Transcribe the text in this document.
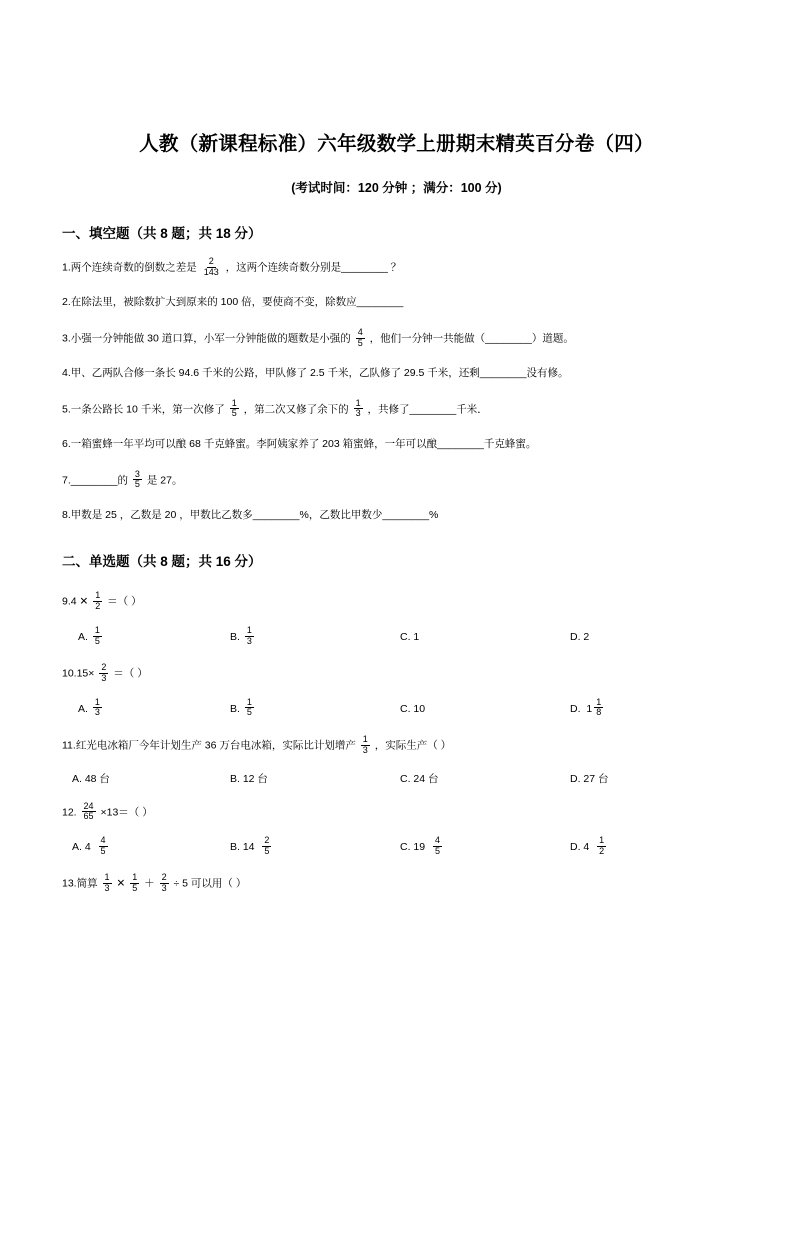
人教（新课程标准）六年级数学上册期末精英百分卷（四）
(考试时间：120 分钟 ；满分：100 分)
一、填空题（共 8 题；共 18 分）
1.两个连续奇数的倒数之差是 $\frac{2}{143}$ ，这两个连续奇数分别是________ ？
2.在除法里，被除数扩大到原来的 100 倍，要使商不变，除数应________
3.小强一分钟能做 30 道口算，小军一分钟能做的题数是小强的 $\frac{4}{5}$ ，他们一分钟一共能做（________）道题。
4.甲、乙两队合修一条长 94.6 千米的公路，甲队修了 2.5 千米，乙队修了 29.5 千米，还剩________没有修。
5.一条公路长 10 千米，第一次修了 $\frac{1}{5}$ ，第二次又修了余下的 $\frac{1}{3}$ ，共修了________千米．
6.一箱蜜蜂一年平均可以酿 68 千克蜂蜜。李阿姨家养了 203 箱蜜蜂，一年可以酿________千克蜂蜜。
7.________的 $\frac{3}{5}$ 是 27。
8.甲数是 25 ，乙数是 20 ，甲数比乙数多________%，乙数比甲数少________%
二、单选题（共 8 题；共 16 分）
9.4 ✕ $\frac{1}{2}$ ＝（ ）
A.
$\frac{1}{5}$	B.
$\frac{1}{3}$	C. 1	D. 2
$10.15\times \frac{2}{3}$ ＝（ ）
A.
$\frac{1}{3}$	B.
$\frac{1}{5}$	C. 10	D.
$1 \frac{1}{8}$
11.红光电冰箱厂今年计划生产 36 万台电冰箱，实际比计划增产 $\frac{1}{3}$ ，实际生产（ ）
A. 48 台	B. 12 台	C. 24 台	D. 27 台
12. $\frac{24}{65} \times 13=$（ ）
A. 4
$\frac{4}{5}$	B. 14
$\frac{2}{5}$	C. 19
$\frac{4}{5}$	D. 4
$\frac{1}{2}$
13.简算 $\frac{1}{3}$ ✕ $\frac{1}{5} + \frac{2}{3} \div 5$ 可以用（ ）
